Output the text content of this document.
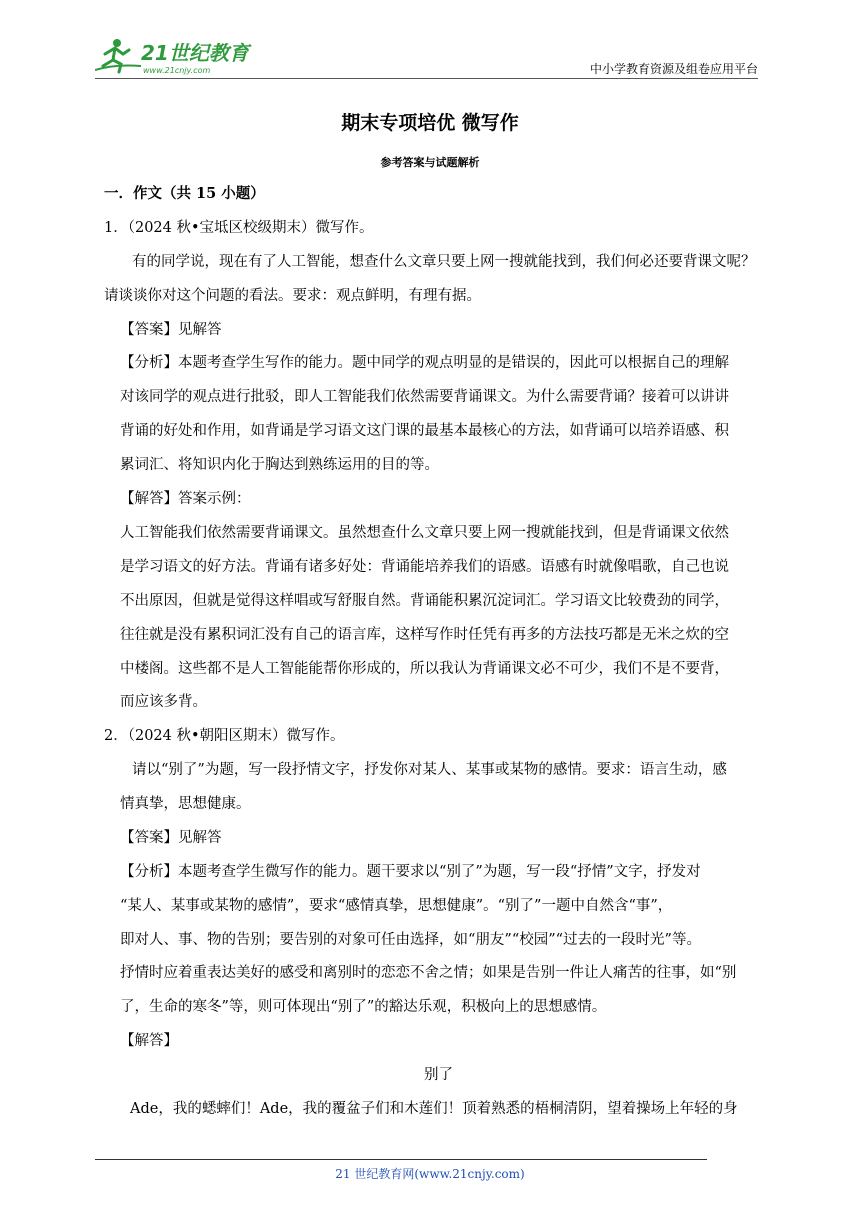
21世纪教育
www.21cnjy.com	中小学教育资源及组卷应用平台
期末专项培优 微写作
参考答案与试题解析
一．作文（共 15 小题）
1．（2024 秋•宝坻区校级期末）微写作。
有的同学说，现在有了人工智能，想查什么文章只要上网一搜就能找到，我们何必还要背课文呢？
请谈谈你对这个问题的看法。要求：观点鲜明，有理有据。
【答案】见解答
【分析】本题考查学生写作的能力。题中同学的观点明显的是错误的，因此可以根据自己的理解
对该同学的观点进行批驳，即人工智能我们依然需要背诵课文。为什么需要背诵？接着可以讲讲
背诵的好处和作用，如背诵是学习语文这门课的最基本最核心的方法，如背诵可以培养语感、积
累词汇、将知识内化于胸达到熟练运用的目的等。
【解答】答案示例：
人工智能我们依然需要背诵课文。虽然想查什么文章只要上网一搜就能找到，但是背诵课文依然
是学习语文的好方法。背诵有诸多好处：背诵能培养我们的语感。语感有时就像唱歌，自己也说
不出原因，但就是觉得这样唱或写舒服自然。背诵能积累沉淀词汇。学习语文比较费劲的同学，
往往就是没有累积词汇没有自己的语言库，这样写作时任凭有再多的方法技巧都是无米之炊的空
中楼阁。这些都不是人工智能能帮你形成的，所以我认为背诵课文必不可少，我们不是不要背，
而应该多背。
2．（2024 秋•朝阳区期末）微写作。
请以“别了”为题，写一段抒情文字，抒发你对某人、某事或某物的感情。要求：语言生动，感
情真挚，思想健康。
【答案】见解答
【分析】本题考查学生微写作的能力。题干要求以“别了”为题，写一段“抒情”文字，抒发对
“某人、某事或某物的感情”，要求“感情真挚，思想健康”。“别了”一题中自然含“事”，
即对人、事、物的告别；要告别的对象可任由选择，如“朋友”“校园”“过去的一段时光”等。
抒情时应着重表达美好的感受和离别时的恋恋不舍之情；如果是告别一件让人痛苦的往事，如“别
了，生命的寒冬”等，则可体现出“别了”的豁达乐观，积极向上的思想感情。
【解答】
别了
Ade，我的蟋蟀们！Ade，我的覆盆子们和木莲们！顶着熟悉的梧桐清阴，望着操场上年轻的身
21 世纪教育网(www.21cnjy.com)
